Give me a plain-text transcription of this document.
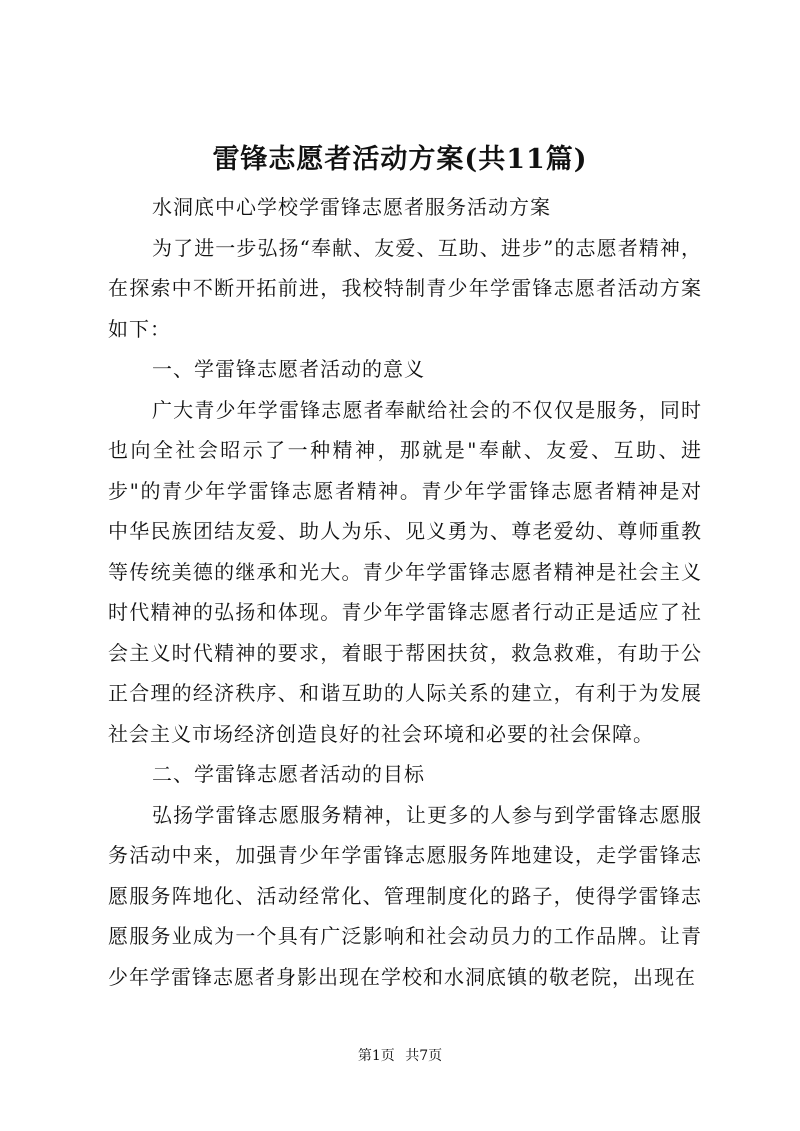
雷锋志愿者活动方案(共11篇)

水洞底中心学校学雷锋志愿者服务活动方案

为了进一步弘扬“奉献、友爱、互助、进步”的志愿者精神，在探索中不断开拓前进，我校特制青少年学雷锋志愿者活动方案如下：

一、学雷锋志愿者活动的意义

广大青少年学雷锋志愿者奉献给社会的不仅仅是服务，同时也向全社会昭示了一种精神，那就是"奉献、友爱、互助、进步"的青少年学雷锋志愿者精神。青少年学雷锋志愿者精神是对中华民族团结友爱、助人为乐、见义勇为、尊老爱幼、尊师重教等传统美德的继承和光大。青少年学雷锋志愿者精神是社会主义时代精神的弘扬和体现。青少年学雷锋志愿者行动正是适应了社会主义时代精神的要求，着眼于帮困扶贫，救急救难，有助于公正合理的经济秩序、和谐互助的人际关系的建立，有利于为发展社会主义市场经济创造良好的社会环境和必要的社会保障。

二、学雷锋志愿者活动的目标

弘扬学雷锋志愿服务精神，让更多的人参与到学雷锋志愿服务活动中来，加强青少年学雷锋志愿服务阵地建设，走学雷锋志愿服务阵地化、活动经常化、管理制度化的路子，使得学雷锋志愿服务业成为一个具有广泛影响和社会动员力的工作品牌。让青少年学雷锋志愿者身影出现在学校和水洞底镇的敬老院，出现在

第1页 共7页
